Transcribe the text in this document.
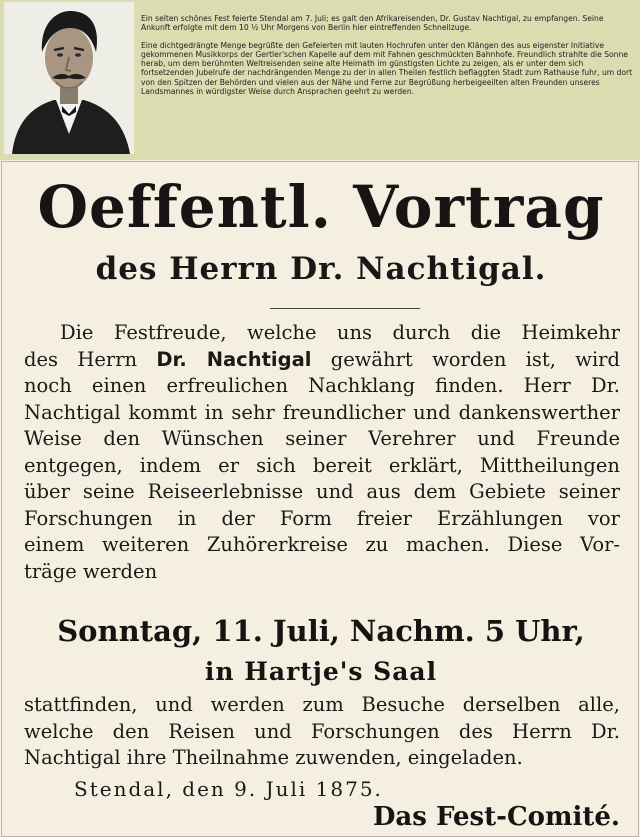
Ein selten schönes Fest feierte Stendal am 7. Juli; es galt den Afrikareisenden, Dr. Gustav Nachtigal, zu empfangen. Seine Ankunft erfolgte mit dem 10 ½ Uhr Morgens von Berlin hier eintreffenden Schnellzuge.

Eine dichtgedrängte Menge begrüßte den Gefeierten mit lauten Hochrufen unter den Klängen des aus eigenster Initiative gekommenen Musikkorps der Gertler'schen Kapelle auf dem mit Fahnen geschmückten Bahnhofe. Freundlich strahlte die Sonne herab, um dem berühmten Weltreisenden seine alte Heimath im günstigsten Lichte zu zeigen, als er unter dem sich fortsetzenden Jubelrufe der nachdrängenden Menge zu der in allen Theilen festlich beflaggten Stadt zum Rathause fuhr, um dort von den Spitzen der Behörden und vielen aus der Nähe und Ferne zur Begrüßung herbeigeeilten alten Freunden unseres Landsmannes in würdigster Weise durch Ansprachen geehrt zu werden.

Oeffentl. Vortrag
des Herrn Dr. Nachtigal.
Die Festfreude, welche uns durch die Heimkehr
des Herrn Dr. Nachtigal gewährt worden ist, wird
noch einen erfreulichen Nachklang finden. Herr Dr.
Nachtigal kommt in sehr freundlicher und dankenswerther
Weise den Wünschen seiner Verehrer und Freunde
entgegen, indem er sich bereit erklärt, Mittheilungen
über seine Reiseerlebnisse und aus dem Gebiete seiner
Forschungen in der Form freier Erzählungen vor
einem weiteren Zuhörerkreise zu machen. Diese Vor-
träge werden
Sonntag, 11. Juli, Nachm. 5 Uhr,
in Hartje's Saal
stattfinden, und werden zum Besuche derselben alle,
welche den Reisen und Forschungen des Herrn Dr.
Nachtigal ihre Theilnahme zuwenden, eingeladen.
Stendal, den 9. Juli 1875.
Das Fest-Comité.
